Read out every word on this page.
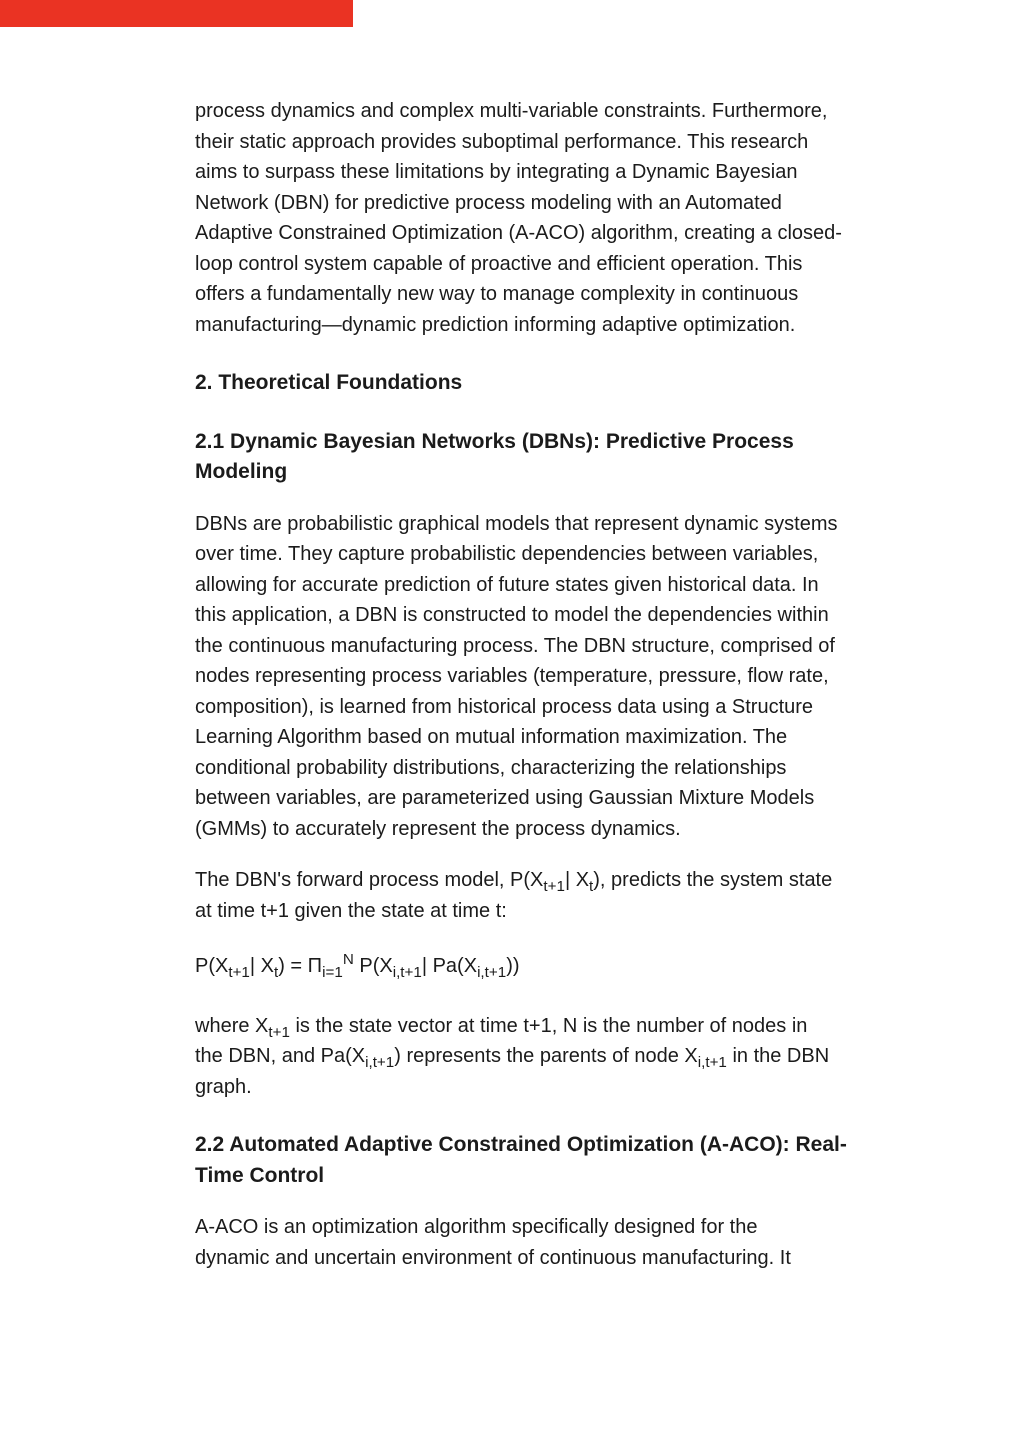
process dynamics and complex multi-variable constraints. Furthermore,
their static approach provides suboptimal performance. This research
aims to surpass these limitations by integrating a Dynamic Bayesian
Network (DBN) for predictive process modeling with an Automated
Adaptive Constrained Optimization (A-ACO) algorithm, creating a closed-
loop control system capable of proactive and efficient operation. This
offers a fundamentally new way to manage complexity in continuous
manufacturing—dynamic prediction informing adaptive optimization.
2. Theoretical Foundations
2.1 Dynamic Bayesian Networks (DBNs): Predictive Process
Modeling
DBNs are probabilistic graphical models that represent dynamic systems
over time. They capture probabilistic dependencies between variables,
allowing for accurate prediction of future states given historical data. In
this application, a DBN is constructed to model the dependencies within
the continuous manufacturing process. The DBN structure, comprised of
nodes representing process variables (temperature, pressure, flow rate,
composition), is learned from historical process data using a Structure
Learning Algorithm based on mutual information maximization. The
conditional probability distributions, characterizing the relationships
between variables, are parameterized using Gaussian Mixture Models
(GMMs) to accurately represent the process dynamics.
The DBN's forward process model, $P(X_{t+1}|$ $X_t$), predicts the system state
at time t+1 given the state at time t:
$P(X_{t+1}|$ $X_t) = \Pi_{i=1}^N$ $P(X_{i,t+1}|$ $Pa(X_{i,t+1})$)
where $X_{t+1}$ is the state vector at time t+1, N is the number of nodes in
the DBN, and $Pa(X_{i,t+1})$ represents the parents of node $X_{i,t+1}$ in the DBN
graph.
2.2 Automated Adaptive Constrained Optimization (A-ACO): Real-
Time Control
A-ACO is an optimization algorithm specifically designed for the
dynamic and uncertain environment of continuous manufacturing. It
